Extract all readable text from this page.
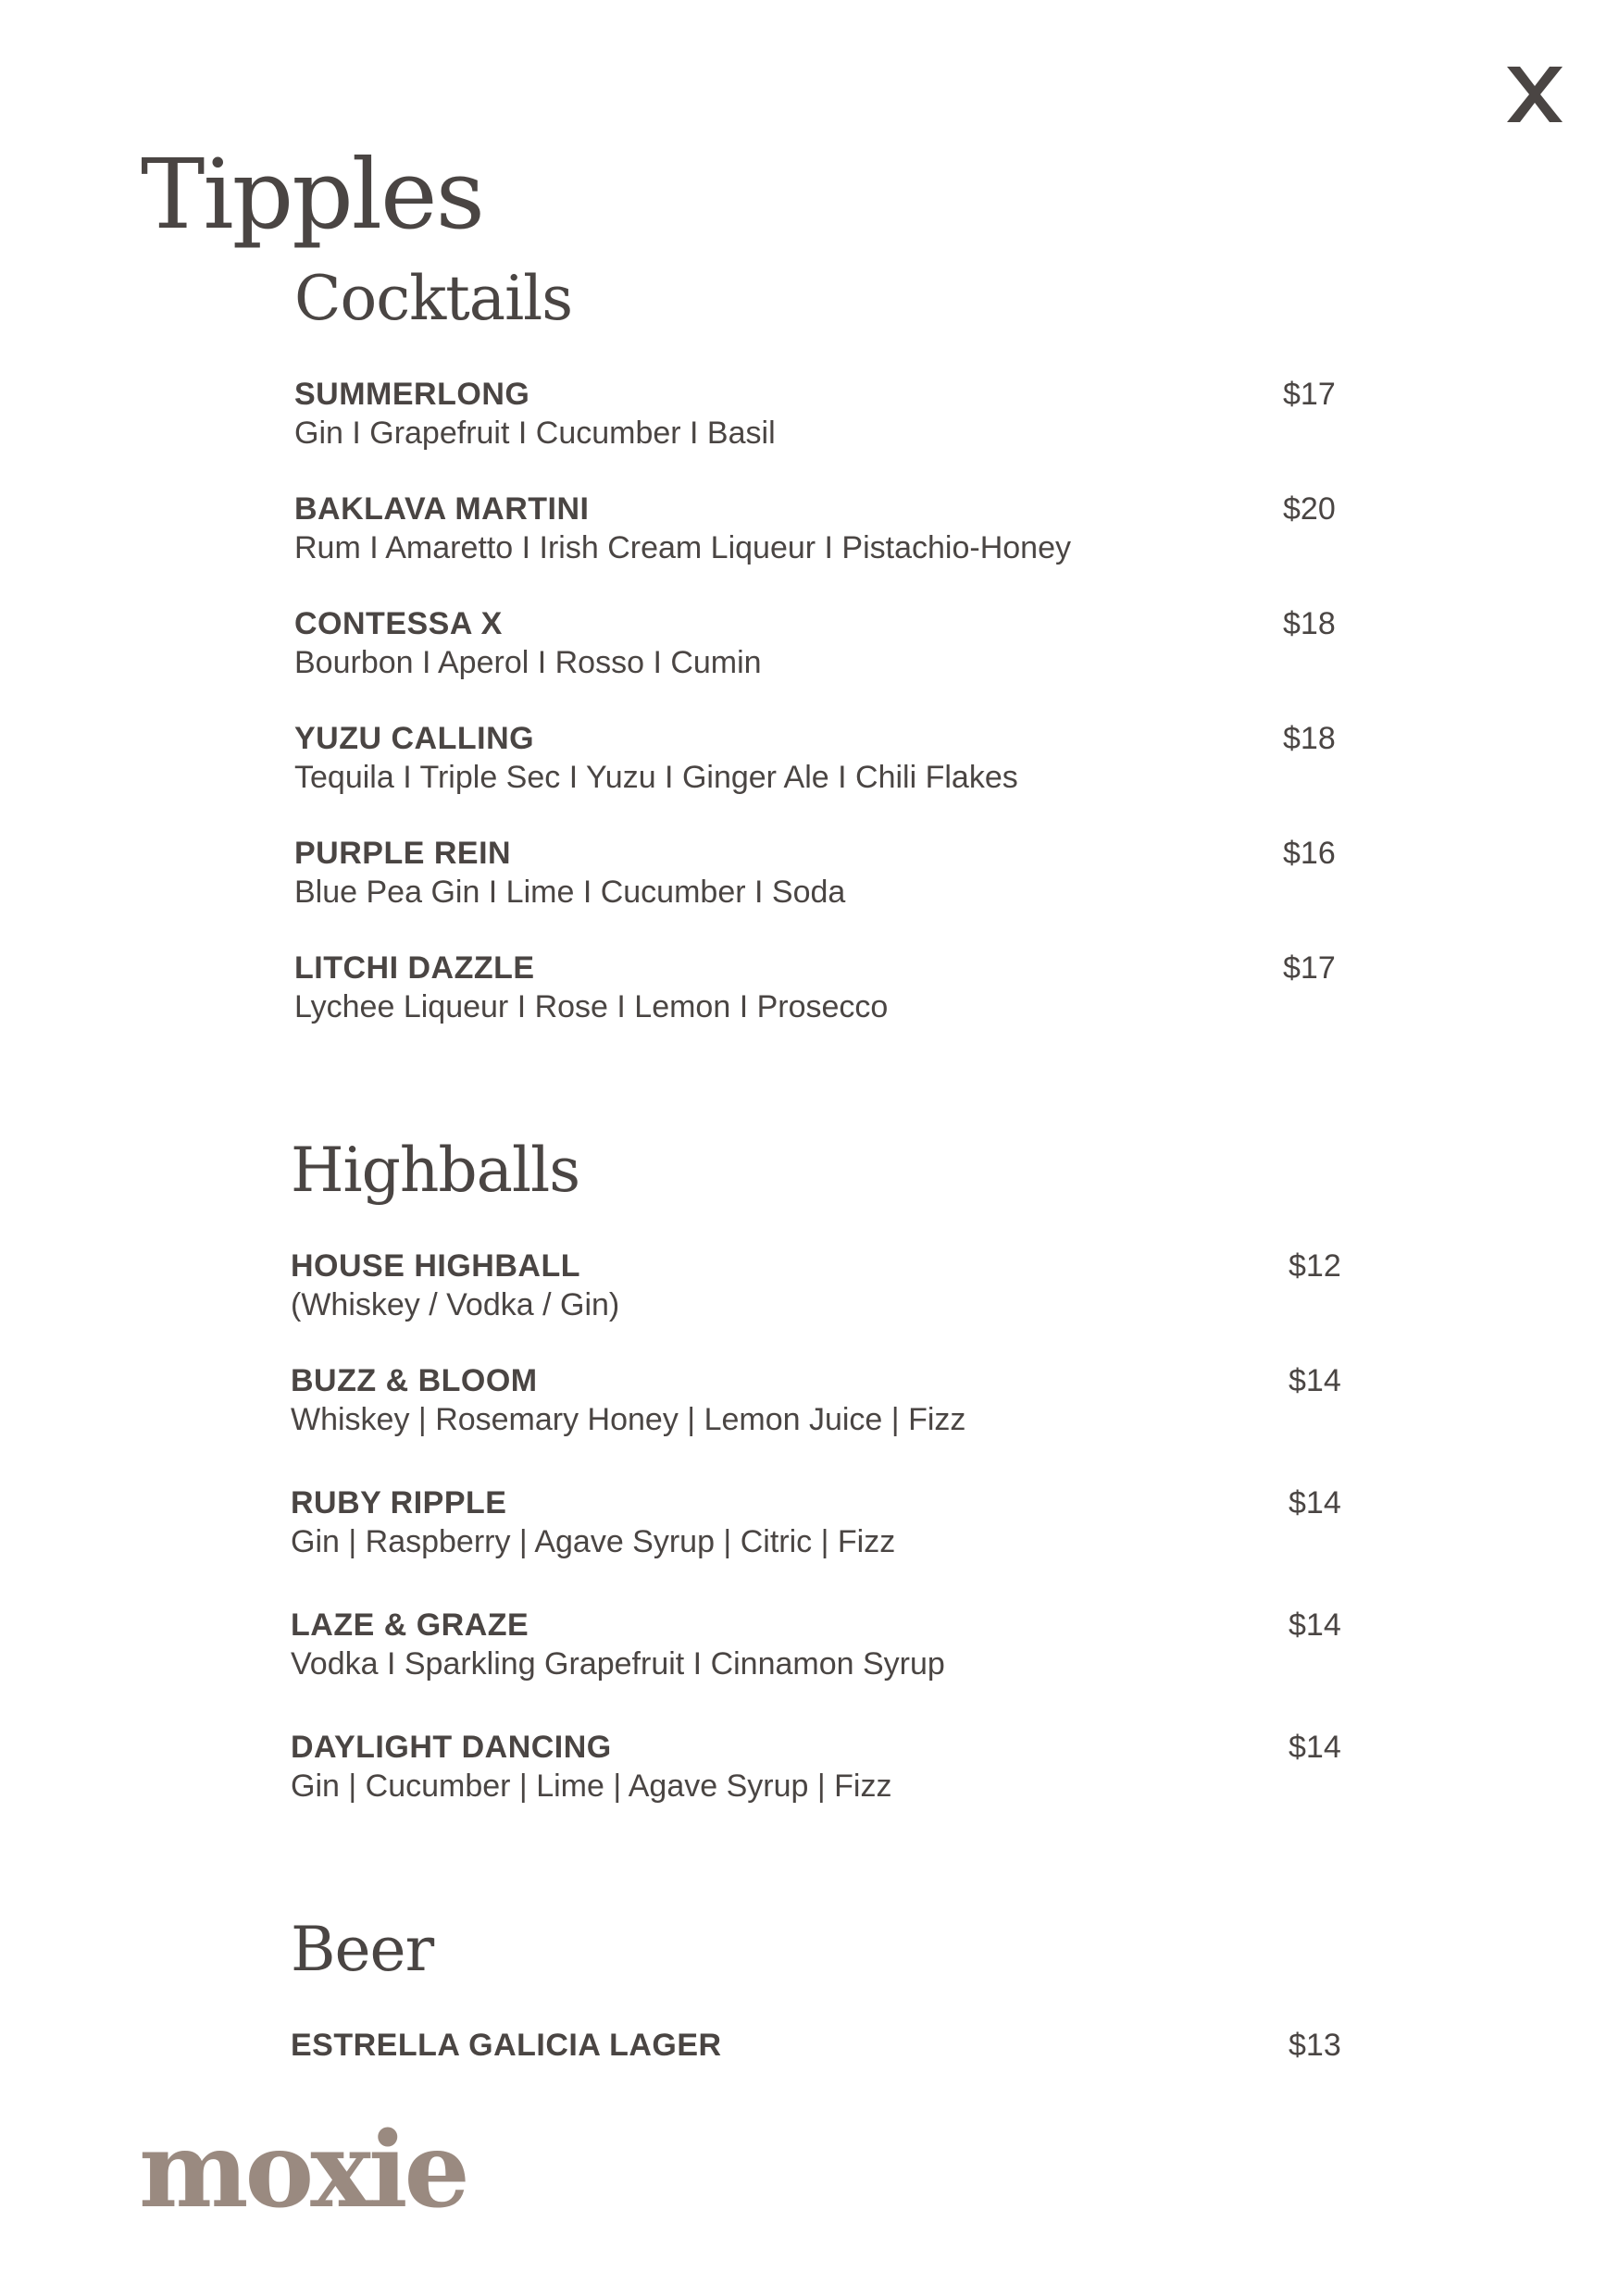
Tipples
Cocktails
SUMMERLONG
Gin I Grapefruit I Cucumber I Basil
$17
BAKLAVA MARTINI
Rum I Amaretto I Irish Cream Liqueur I Pistachio-Honey
$20
CONTESSA X
Bourbon I Aperol I Rosso I Cumin
$18
YUZU CALLING
Tequila I Triple Sec I Yuzu I Ginger Ale I Chili Flakes
$18
PURPLE REIN
Blue Pea Gin I Lime I Cucumber I Soda
$16
LITCHI DAZZLE
Lychee Liqueur I Rose I Lemon I Prosecco
$17
Highballs
HOUSE HIGHBALL
(Whiskey / Vodka / Gin)
$12
BUZZ & BLOOM
Whiskey | Rosemary Honey | Lemon Juice | Fizz
$14
RUBY RIPPLE
Gin | Raspberry | Agave Syrup | Citric | Fizz
$14
LAZE & GRAZE
Vodka I Sparkling Grapefruit I Cinnamon Syrup
$14
DAYLIGHT DANCING
Gin | Cucumber | Lime | Agave Syrup | Fizz
$14
Beer
ESTRELLA GALICIA LAGER	$13
moxie
